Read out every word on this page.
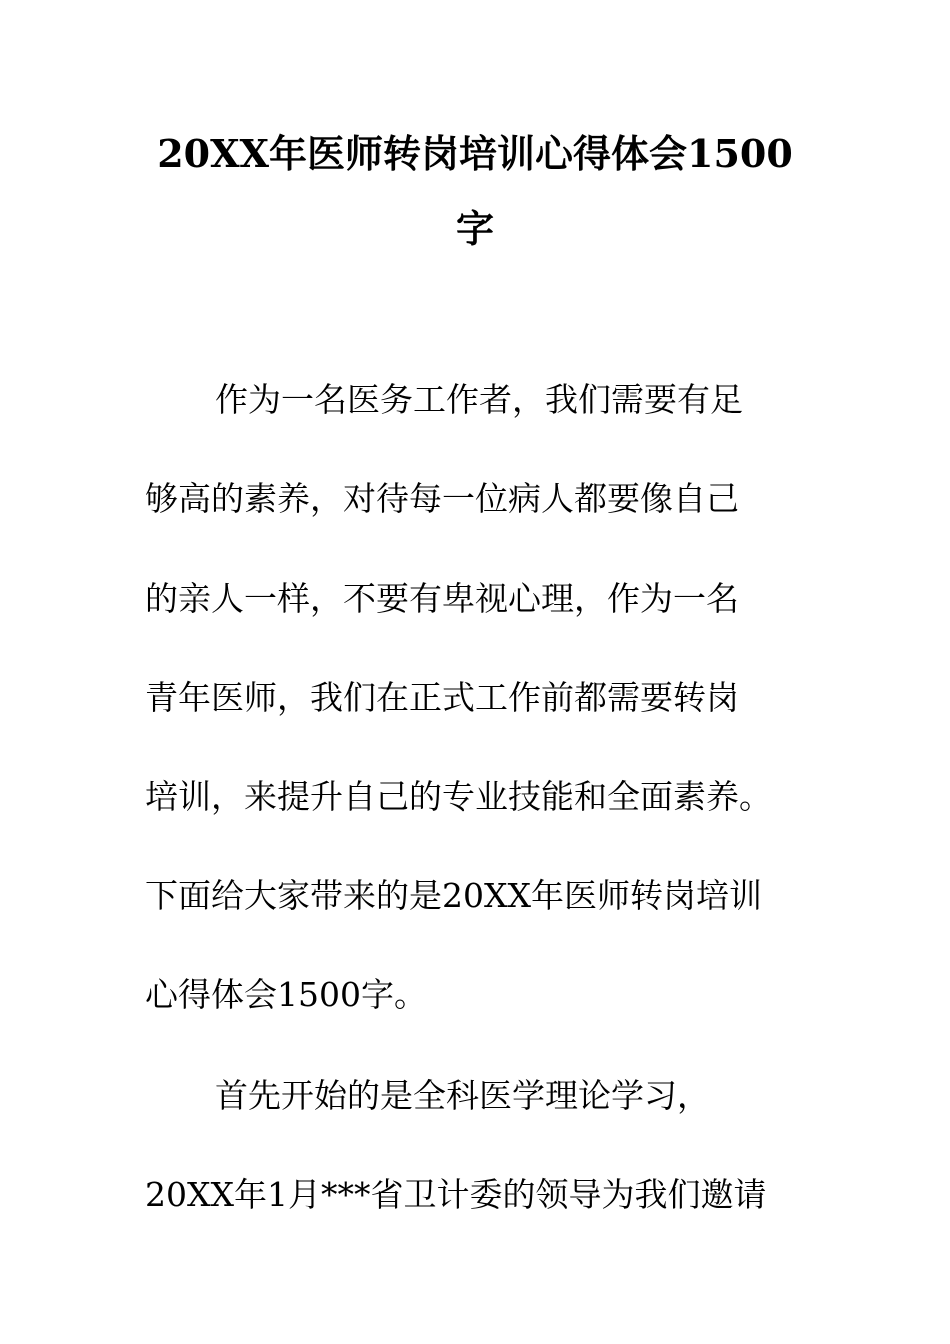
20XX年医师转岗培训心得体会1500
字
作为一名医务工作者，我们需要有足
够高的素养，对待每一位病人都要像自己
的亲人一样，不要有卑视心理，作为一名
青年医师，我们在正式工作前都需要转岗
培训，来提升自己的专业技能和全面素养。
下面给大家带来的是20XX年医师转岗培训
心得体会1500字。
首先开始的是全科医学理论学习，
20XX年1月***省卫计委的领导为我们邀请
